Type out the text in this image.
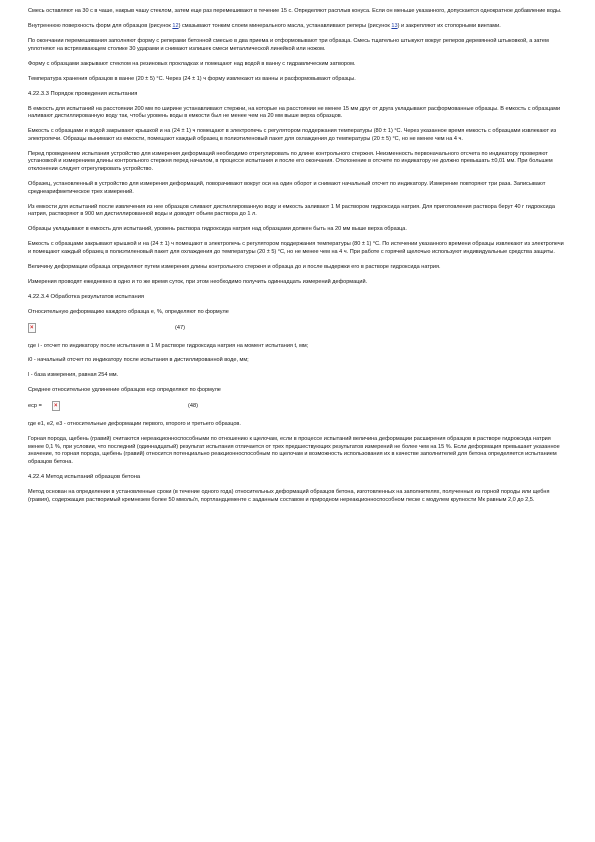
Смесь оставляют на 30 с в чаше, накрыв чашу стеклом, затем еще раз перемешивают в течение 15 с. Определяют расплыв конуса. Если он меньше указанного, допускается однократное добавление воды.

Внутреннюю поверхность форм для образцов (рисунок 12) смазывают тонким слоем минерального масла, устанавливают реперы (рисунок 13) и закрепляют их стопорными винтами.

По окончании перемешивания заполняют форму с реперами бетонной смесью в два приема и отформовывают три образца. Смесь тщательно штыкуют вокруг реперов деревянной штыковкой, а затем уплотняют на встряхивающем столике 30 ударами и снимают излишек смеси металлической линейкой или ножом.

Форму с образцами закрывают стеклом на резиновых прокладках и помещают над водой в ванну с гидравлическим затвором.

Температура хранения образцов в ванне (20 ± 5) °С. Через (24 ± 1) ч форму извлекают из ванны и расформовывают образцы.

4.22.3.3 Порядок проведения испытания

В емкость для испытаний на расстоянии 200 мм по ширине устанавливают стержни, на которые на расстоянии не менее 15 мм друг от друга укладывают расформованные образцы. В емкость с образцами наливают дистиллированную воду так, чтобы уровень воды в емкости был не менее чем на 20 мм выше верха образцов.

Емкость с образцами и водой закрывают крышкой и на (24 ± 1) ч помещают в электропечь с регулятором поддержания температуры (80 ± 1) °С. Через указанное время емкость с образцами извлекают из электропечи. Образцы вынимают из емкости, помещают каждый образец в полиэтиленовый пакет для охлаждения до температуры (20 ± 5) °С, но не менее чем на 4 ч.

Перед проведением испытания устройство для измерения деформаций необходимо отрегулировать по длине контрольного стержня. Неизменность первоначального отсчета по индикатору проверяют установкой и измерением длины контрольного стержня перед началом, в процессе испытания и после его окончания. Отклонение в отсчете по индикатору не должно превышать ±0,01 мм. При большем отклонении следует отрегулировать устройство.

Образец, установленный в устройство для измерения деформаций, поворачивают вокруг оси на один оборот и снимают начальный отсчет по индикатору. Измерение повторяют три раза. Записывают среднеарифметическое трех измерений.

Из емкости для испытаний после извлечения из нее образцов сливают дистиллированную воду и емкость заливают 1 М раствором гидроксида натрия. Для приготовления раствора берут 40 г гидроксида натрия, растворяют в 900 мл дистиллированной воды и доводят объем раствора до 1 л.

Образцы укладывают в емкость для испытаний, уровень раствора гидроксида натрия над образцами должен быть на 20 мм выше верха образца.

Емкость с образцами закрывают крышкой и на (24 ± 1) ч помещают в электропечь с регулятором поддержания температуры (80 ± 1) °С. По истечении указанного времени образцы извлекают из электропечи и помещают каждый образец в полиэтиленовый пакет для охлаждения до температуры (20 ± 5) °С, но не менее чем на 4 ч. При работе с горячей щелочью используют индивидуальные средства защиты.

Величину деформации образца определяют путем измерения длины контрольного стержня и образца до и после выдержки его в растворе гидроксида натрия.

Измерения проводят ежедневно в одно и то же время суток, при этом необходимо получить одиннадцать измерений деформаций.

4.22.3.4 Обработка результатов испытания

Относительную деформацию каждого образца е, %, определяют по формуле

×	(47)

где i - отсчет по индикатору после испытания в 1 М растворе гидроксида натрия на момент испытания t, мм;

i0 - начальный отсчет по индикатору после испытания в дистиллированной воде, мм;

l - база измерения, равная 254 мм.

Среднее относительное удлинение образцов еср определяют по формуле

еср = ×	(48)

где е1, е2, е3 - относительные деформации первого, второго и третьего образцов.

Горная порода, щебень (гравий) считаются нереакционноспособными по отношению к щелочам, если в процессе испытаний величина деформации расширения образцов в растворе гидроксида натрия менее 0,1 %, при условии, что последний (одиннадцатый) результат испытания отличается от трех предшествующих результатов измерений не более чем на 15 %. Если деформация превышает указанное значение, то горная порода, щебень (гравий) относится потенциально реакционноспособным по щелочам и возможность использования их в качестве заполнителей для бетона определяется испытанием образцов бетона.

4.22.4 Метод испытаний образцов бетона

Метод основан на определении в установленные сроки (в течение одного года) относительных деформаций образцов бетона, изготовленных на заполнителях, полученных из горной породы или щебня (гравия), содержащих растворимый кремнезем более 50 ммоль/л, портландцементе с заданным составом и природном нереакционноспособном песке с модулем крупности Мк равным 2,0 до 2,5.
